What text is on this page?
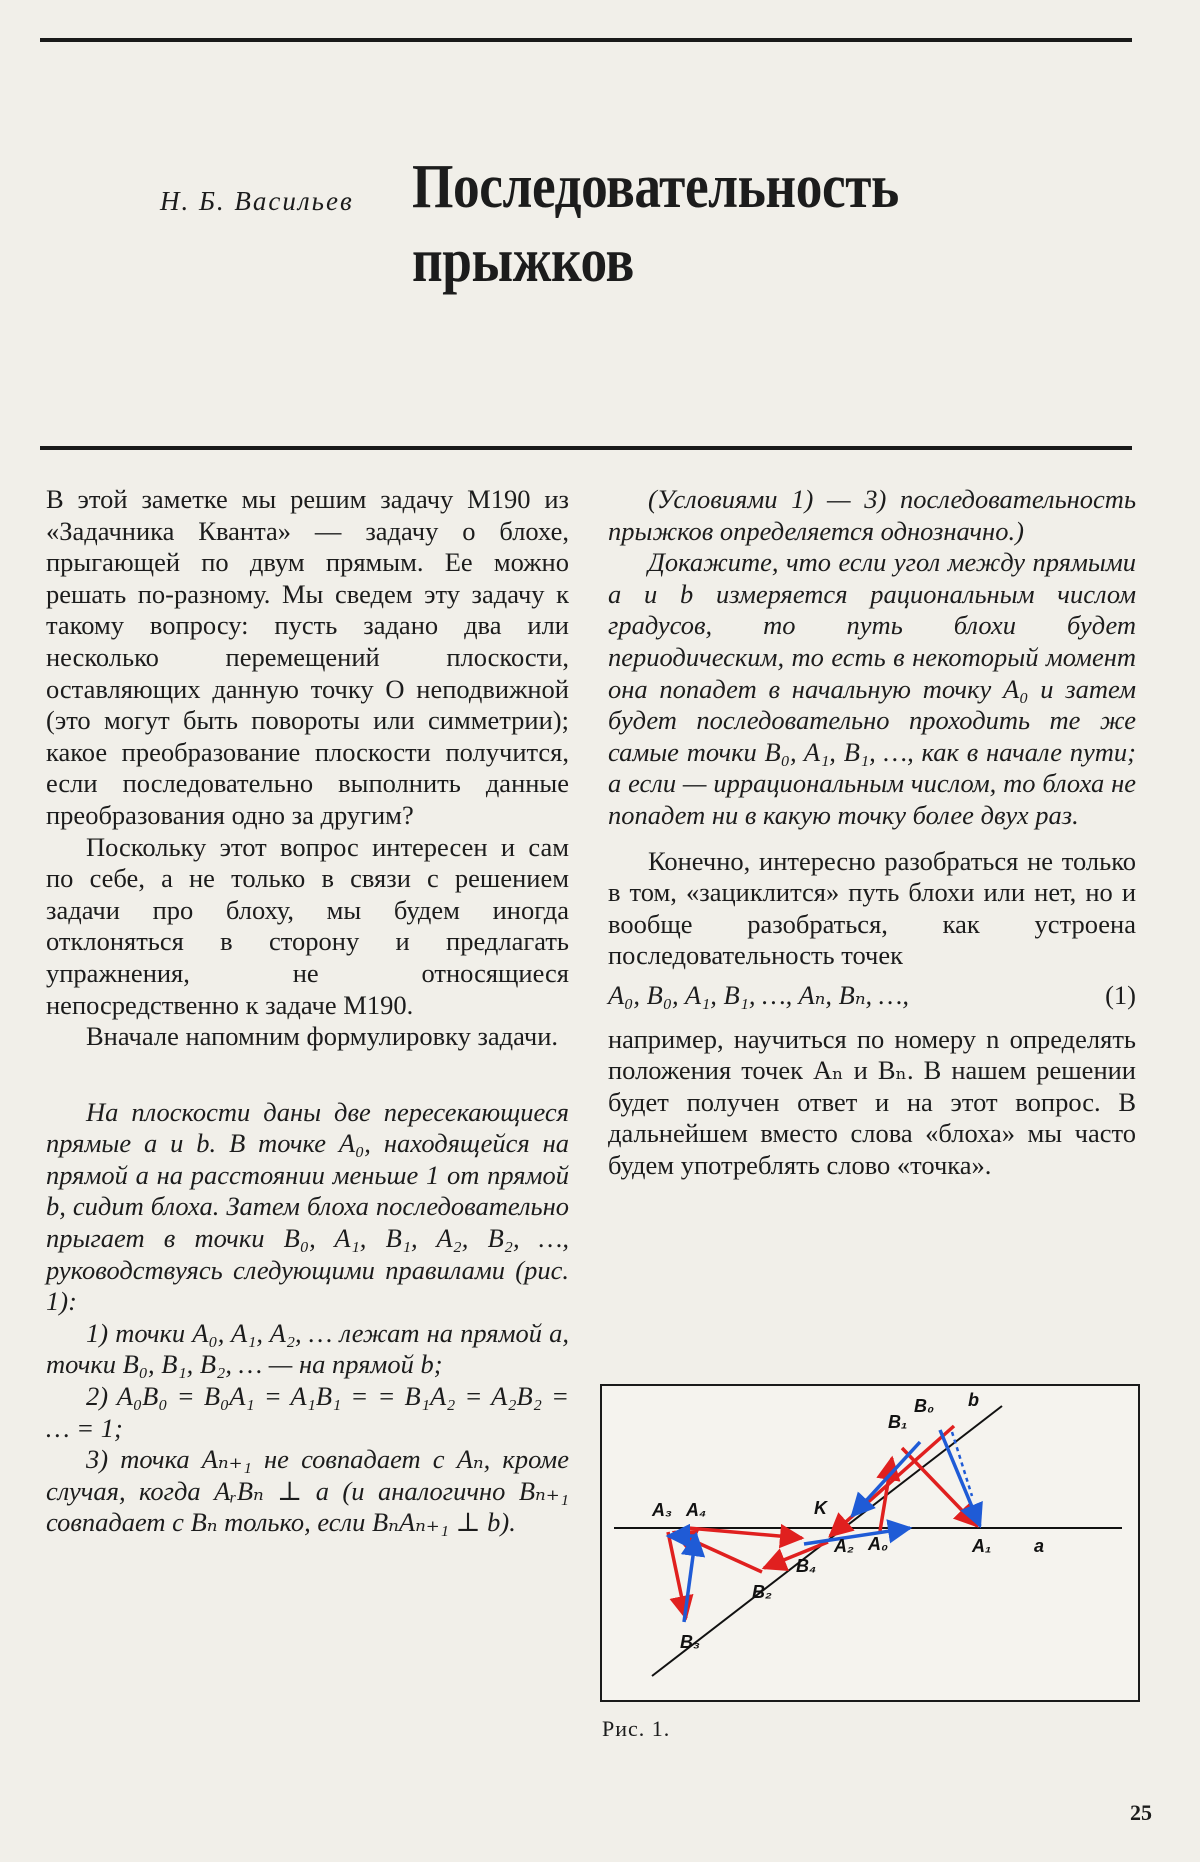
Н. Б. Васильев Последовательность
прыжков

В этой заметке мы решим задачу М190 из «Задачника Кванта» — задачу о блохе, прыгающей по двум прямым. Ее можно решать по-разному. Мы сведем эту задачу к такому вопросу: пусть задано два или несколько перемещений плоскости, оставляющих данную точку O неподвижной (это могут быть повороты или симметрии); какое преобразование плоскости получится, если последовательно выполнить данные преобразования одно за другим?

Поскольку этот вопрос интересен и сам по себе, а не только в связи с решением задачи про блоху, мы будем иногда отклоняться в сторону и предлагать упражнения, не относящиеся непосредственно к задаче М190.

Вначале напомним формулировку задачи.

На плоскости даны две пересекающиеся прямые a и b. В точке A₀, находящейся на прямой a на расстоянии меньше 1 от прямой b, сидит блоха. Затем блоха последовательно прыгает в точки B₀, A₁, B₁, A₂, B₂, …, руководствуясь следующими правилами (рис. 1):

1) точки A₀, A₁, A₂, … лежат на прямой a, точки B₀, B₁, B₂, … — на прямой b;

2) A₀B₀ = B₀A₁ = A₁B₁ = = B₁A₂ = A₂B₂ = … = 1;

3) точка Aₙ₊₁ не совпадает с Aₙ, кроме случая, когда AᵣBₙ ⊥ a (и аналогично Bₙ₊₁ совпадает с Bₙ только, если BₙAₙ₊₁ ⊥ b).

(Условиями 1) — 3) последовательность прыжков определяется однозначно.)

Докажите, что если угол между прямыми a и b измеряется рациональным числом градусов, то путь блохи будет периодическим, то есть в некоторый момент она попадет в начальную точку A₀ и затем будет последовательно проходить те же самые точки B₀, A₁, B₁, …, как в начале пути; а если — иррациональным числом, то блоха не попадет ни в какую точку более двух раз.

Конечно, интересно разобраться не только в том, «зациклится» путь блохи или нет, но и вообще разобраться, как устроена последовательность точек

A₀, B₀, A₁, B₁, …, Aₙ, Bₙ, …,	(1)

например, научиться по номеру n определять положения точек Aₙ и Bₙ. В нашем решении будет получен ответ и на этот вопрос. В дальнейшем вместо слова «блоха» мы часто будем употреблять слово «точка».

A₃ A₄	K
A₂ A₀	A₁ a
B₄
B₂
B₃
B₁
B₀ b
Рис. 1.
25
